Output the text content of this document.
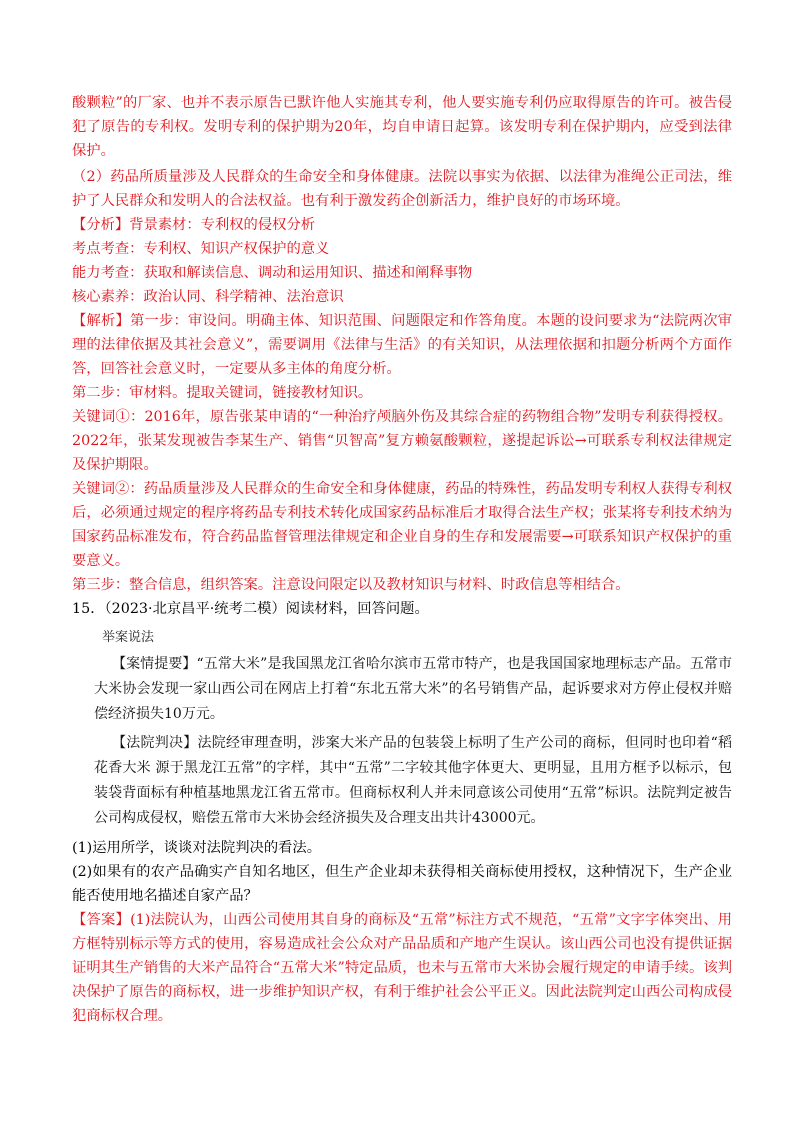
酸颗粒”的厂家、也并不表示原告已默许他人实施其专利，他人要实施专利仍应取得原告的许可。被告侵犯了原告的专利权。发明专利的保护期为20年，均自申请日起算。该发明专利在保护期内，应受到法律保护。

（2）药品所质量涉及人民群众的生命安全和身体健康。法院以事实为依据、以法律为准绳公正司法，维护了人民群众和发明人的合法权益。也有利于激发药企创新活力，维护良好的市场环境。

【分析】背景素材：专利权的侵权分析

考点考查：专利权、知识产权保护的意义

能力考查：获取和解读信息、调动和运用知识、描述和阐释事物

核心素养：政治认同、科学精神、法治意识

【解析】第一步：审设问。明确主体、知识范围、问题限定和作答角度。本题的设问要求为“法院两次审理的法律依据及其社会意义”，需要调用《法律与生活》的有关知识，从法理依据和扣题分析两个方面作答，回答社会意义时，一定要从多主体的角度分析。

第二步：审材料。提取关键词，链接教材知识。

关键词①：2016年，原告张某申请的“一种治疗颅脑外伤及其综合症的药物组合物”发明专利获得授权。2022年，张某发现被告李某生产、销售“贝智高”复方赖氨酸颗粒，遂提起诉讼→可联系专利权法律规定及保护期限。

关键词②：药品质量涉及人民群众的生命安全和身体健康，药品的特殊性，药品发明专利权人获得专利权后，必须通过规定的程序将药品专利技术转化成国家药品标准后才取得合法生产权；张某将专利技术纳为国家药品标准发布，符合药品监督管理法律规定和企业自身的生存和发展需要→可联系知识产权保护的重要意义。

第三步：整合信息，组织答案。注意设问限定以及教材知识与材料、时政信息等相结合。

15．（2023·北京昌平·统考二模）阅读材料，回答问题。

举案说法

【案情提要】“五常大米”是我国黑龙江省哈尔滨市五常市特产，也是我国国家地理标志产品。五常市大米协会发现一家山西公司在网店上打着“东北五常大米”的名号销售产品，起诉要求对方停止侵权并赔偿经济损失10万元。

【法院判决】法院经审理查明，涉案大米产品的包装袋上标明了生产公司的商标，但同时也印着“稻花香大米 源于黑龙江五常”的字样，其中“五常”二字较其他字体更大、更明显，且用方框予以标示，包装袋背面标有种植基地黑龙江省五常市。但商标权利人并未同意该公司使用“五常”标识。法院判定被告公司构成侵权，赔偿五常市大米协会经济损失及合理支出共计43000元。

(1)运用所学，谈谈对法院判决的看法。

(2)如果有的农产品确实产自知名地区，但生产企业却未获得相关商标使用授权，这种情况下，生产企业能否使用地名描述自家产品？

【答案】(1)法院认为，山西公司使用其自身的商标及“五常”标注方式不规范，“五常”文字字体突出、用方框特别标示等方式的使用，容易造成社会公众对产品品质和产地产生误认。该山西公司也没有提供证据证明其生产销售的大米产品符合“五常大米”特定品质，也未与五常市大米协会履行规定的申请手续。该判决保护了原告的商标权，进一步维护知识产权，有利于维护社会公平正义。因此法院判定山西公司构成侵犯商标权合理。
